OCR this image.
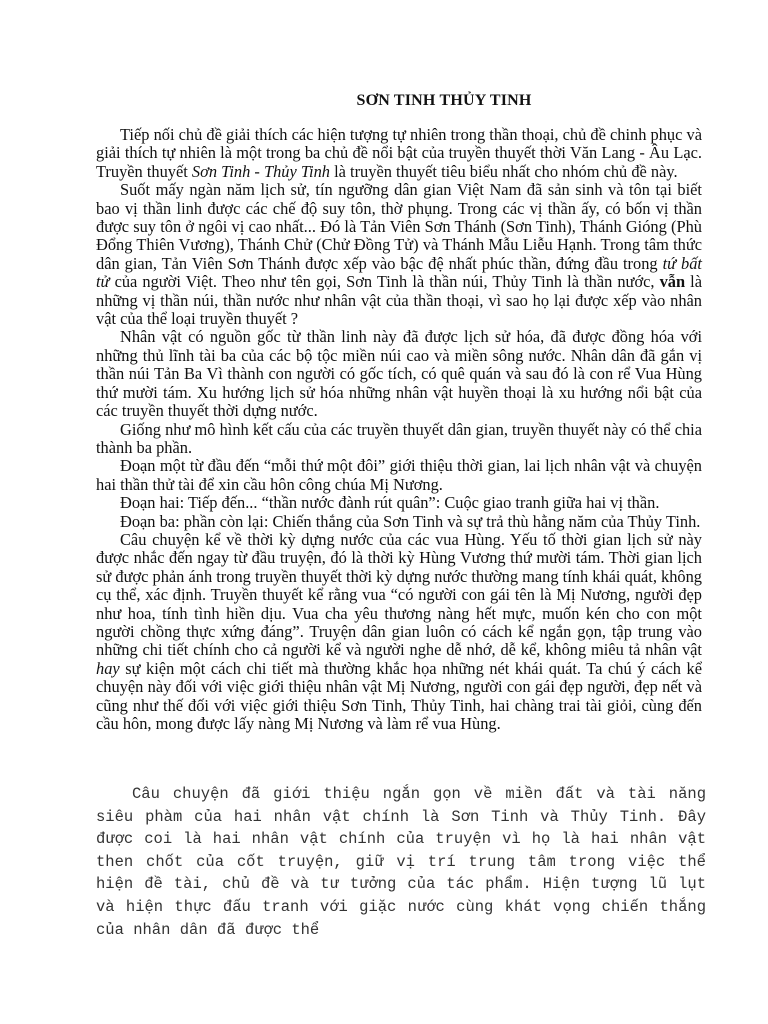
SƠN TINH THỦY TINH

Tiếp nối chủ đề giải thích các hiện tượng tự nhiên trong thần thoại, chủ đề chinh phục và giải thích tự nhiên là một trong ba chủ đề nổi bật của truyền thuyết thời Văn Lang - Âu Lạc. Truyền thuyết Sơn Tinh - Thủy Tinh là truyền thuyết tiêu biểu nhất cho nhóm chủ đề này.

Suốt mấy ngàn năm lịch sử, tín ngưỡng dân gian Việt Nam đã sản sinh và tôn tại biết bao vị thần linh được các chế độ suy tôn, thờ phụng. Trong các vị thần ấy, có bốn vị thần được suy tôn ở ngôi vị cao nhất... Đó là Tản Viên Sơn Thánh (Sơn Tinh), Thánh Gióng (Phù Đổng Thiên Vương), Thánh Chử (Chử Đồng Tử) và Thánh Mẫu Liễu Hạnh. Trong tâm thức dân gian, Tản Viên Sơn Thánh được xếp vào bậc đệ nhất phúc thần, đứng đầu trong tứ bất tử của người Việt. Theo như tên gọi, Sơn Tinh là thần núi, Thủy Tinh là thần nước, vẫn là những vị thần núi, thần nước như nhân vật của thần thoại, vì sao họ lại được xếp vào nhân vật của thể loại truyền thuyết ?

Nhân vật có nguồn gốc từ thần linh này đã được lịch sử hóa, đã được đồng hóa với những thủ lĩnh tài ba của các bộ tộc miền núi cao và miền sông nước. Nhân dân đã gắn vị thần núi Tản Ba Vì thành con người có gốc tích, có quê quán và sau đó là con rể Vua Hùng thứ mười tám. Xu hướng lịch sử hóa những nhân vật huyền thoại là xu hướng nổi bật của các truyền thuyết thời dựng nước.

Giống như mô hình kết cấu của các truyền thuyết dân gian, truyền thuyết này có thể chia thành ba phần.

Đoạn một từ đầu đến “mỗi thứ một đôi” giới thiệu thời gian, lai lịch nhân vật và chuyện hai thần thử tài để xin cầu hôn công chúa Mị Nương.

Đoạn hai: Tiếp đến... “thần nước đành rút quân”: Cuộc giao tranh giữa hai vị thần.

Đoạn ba: phần còn lại: Chiến thắng của Sơn Tinh và sự trả thù hằng năm của Thủy Tinh.

Câu chuyện kể về thời kỳ dựng nước của các vua Hùng. Yếu tố thời gian lịch sử này được nhắc đến ngay từ đầu truyện, đó là thời kỳ Hùng Vương thứ mười tám. Thời gian lịch sử được phản ánh trong truyền thuyết thời kỳ dựng nước thường mang tính khái quát, không cụ thể, xác định. Truyền thuyết kể rằng vua “có người con gái tên là Mị Nương, người đẹp như hoa, tính tình hiền dịu. Vua cha yêu thương nàng hết mực, muốn kén cho con một người chồng thực xứng đáng”. Truyện dân gian luôn có cách kể ngắn gọn, tập trung vào những chi tiết chính cho cả người kể và người nghe dễ nhớ, dễ kể, không miêu tả nhân vật hay sự kiện một cách chi tiết mà thường khắc họa những nét khái quát. Ta chú ý cách kể chuyện này đối với việc giới thiệu nhân vật Mị Nương, người con gái đẹp người, đẹp nết và cũng như thế đối với việc giới thiệu Sơn Tinh, Thủy Tinh, hai chàng trai tài giỏi, cùng đến cầu hôn, mong được lấy nàng Mị Nương và làm rể vua Hùng.

Câu chuyện đã giới thiệu ngắn gọn về miền đất và tài năng siêu phàm của hai nhân vật chính là Sơn Tinh và Thủy Tinh. Đây được coi là hai nhân vật chính của truyện vì họ là hai nhân vật then chốt của cốt truyện, giữ vị trí trung tâm trong việc thể hiện đề tài, chủ đề và tư tưởng của tác phẩm. Hiện tượng lũ lụt và hiện thực đấu tranh với giặc nước cùng khát vọng chiến thắng của nhân dân đã được thể
